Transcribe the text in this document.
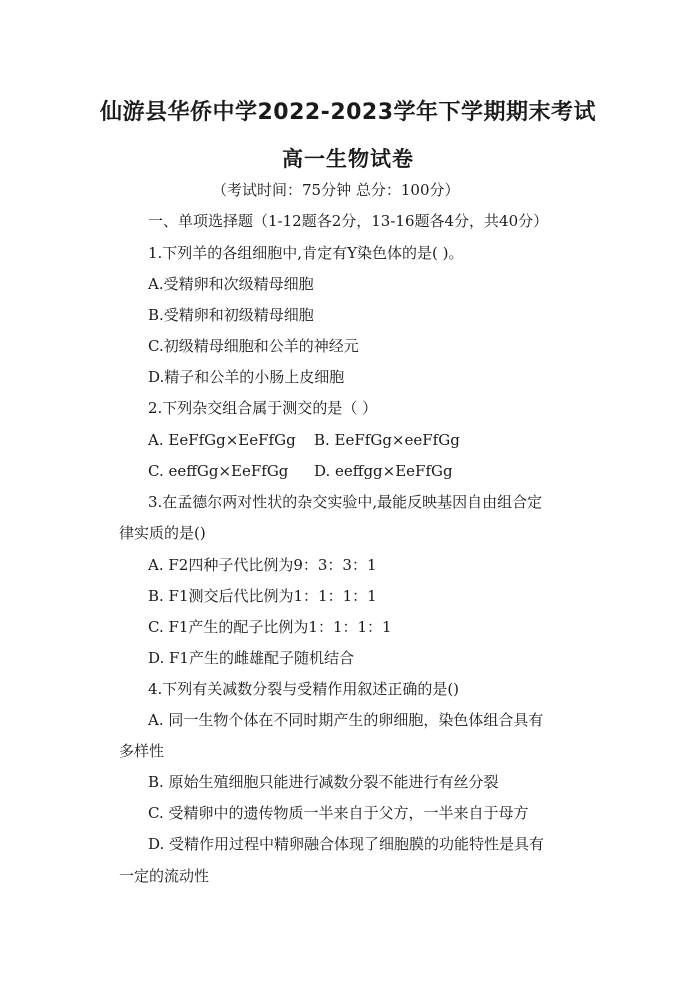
仙游县华侨中学2022-2023学年下学期期末考试
高一生物试卷
（考试时间：75分钟 总分：100分）
一、单项选择题（1-12题各2分，13-16题各4分，共40分）
1.下列羊的各组细胞中,肯定有Y染色体的是( )。
A.受精卵和次级精母细胞
B.受精卵和初级精母细胞
C.初级精母细胞和公羊的神经元
D.精子和公羊的小肠上皮细胞
2.下列杂交组合属于测交的是（ ）
A. EeFfGg×EeFfGg B. EeFfGg×eeFfGg
C. eeffGg×EeFfGg D. eeffgg×EeFfGg
3.在孟德尔两对性状的杂交实验中,最能反映基因自由组合定
律实质的是()
A. F2四种子代比例为9：3：3：1
B. F1测交后代比例为1：1：1：1
C. F1产生的配子比例为1：1：1：1
D. F1产生的雌雄配子随机结合
4.下列有关减数分裂与受精作用叙述正确的是()
A. 同一生物个体在不同时期产生的卵细胞，染色体组合具有
多样性
B. 原始生殖细胞只能进行减数分裂不能进行有丝分裂
C. 受精卵中的遗传物质一半来自于父方，一半来自于母方
D. 受精作用过程中精卵融合体现了细胞膜的功能特性是具有
一定的流动性
